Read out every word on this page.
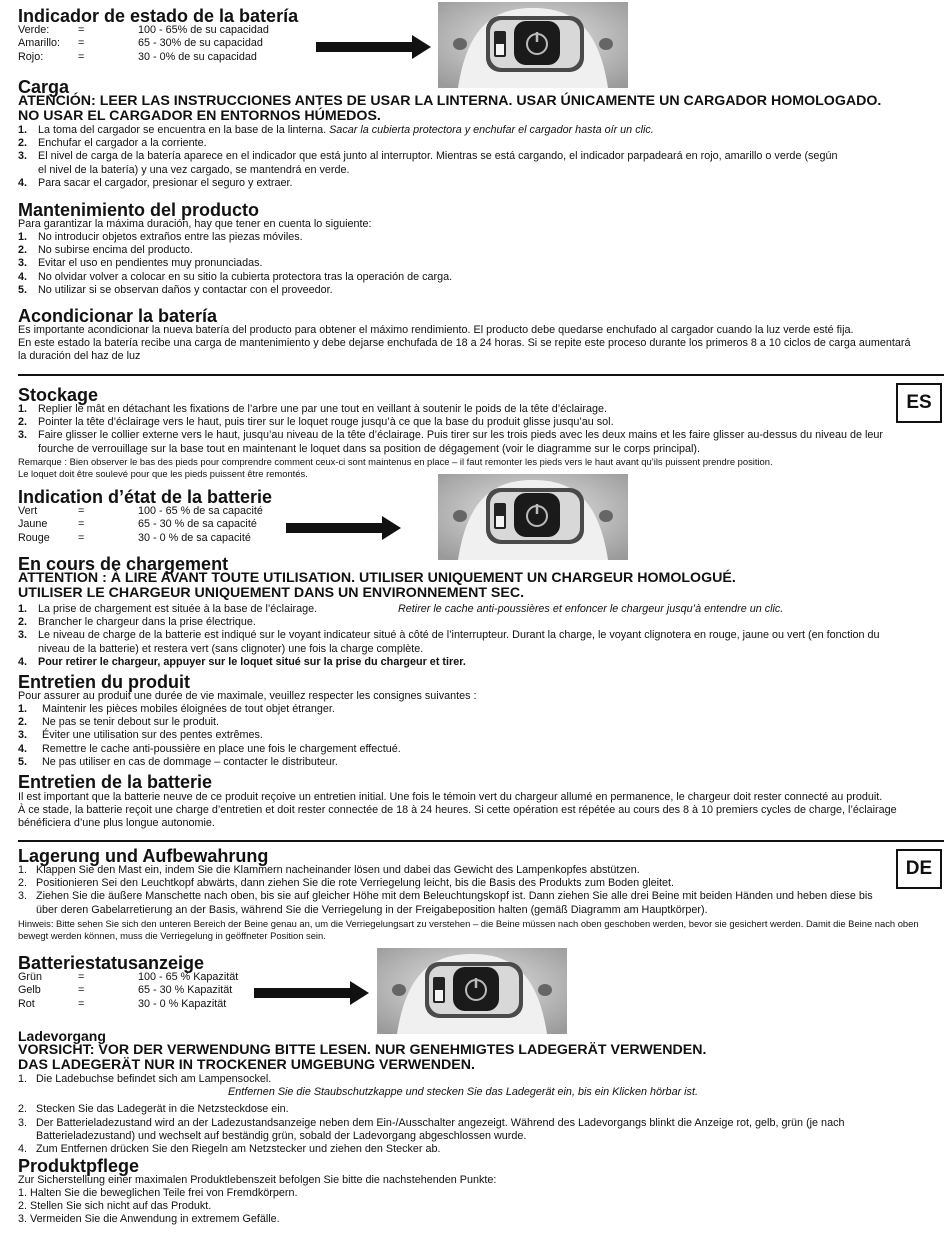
Indicador de estado de la batería
Verde:	=	100 - 65% de su capacidad
Amarillo: =	65 - 30% de su capacidad
Rojo:	=	30 - 0% de su capacidad
Carga
ATENCIÓN: LEER LAS INSTRUCCIONES ANTES DE USAR LA LINTERNA. USAR ÚNICAMENTE UN CARGADOR HOMOLOGADO.
NO USAR EL CARGADOR EN ENTORNOS HÚMEDOS.
1.	La toma del cargador se encuentra en la base de la linterna. Sacar la cubierta protectora y enchufar el cargador hasta oír un clic.
2.	Enchufar el cargador a la corriente.
3.	El nivel de carga de la batería aparece en el indicador que está junto al interruptor. Mientras se está cargando, el indicador parpadeará en rojo, amarillo o verde (según el nivel de la batería) y una vez cargado, se mantendrá en verde.
4.	Para sacar el cargador, presionar el seguro y extraer.
Mantenimiento del producto
Para garantizar la máxima duración, hay que tener en cuenta lo siguiente:
1.	No introducir objetos extraños entre las piezas móviles.
2.	No subirse encima del producto.
3.	Evitar el uso en pendientes muy pronunciadas.
4.	No olvidar volver a colocar en su sitio la cubierta protectora tras la operación de carga.
5.	No utilizar si se observan daños y contactar con el proveedor.
Acondicionar la batería
Es importante acondicionar la nueva batería del producto para obtener el máximo rendimiento. El producto debe quedarse enchufado al cargador cuando la luz verde esté fija.
En este estado la batería recibe una carga de mantenimiento y debe dejarse enchufada de 18 a 24 horas. Si se repite este proceso durante los primeros 8 a 10 ciclos de carga aumentará la duración del haz de luz
ES
Stockage
1.	Replier le mât en détachant les fixations de l’arbre une par une tout en veillant à soutenir le poids de la tête d’éclairage.
2.	Pointer la tête d’éclairage vers le haut, puis tirer sur le loquet rouge jusqu’à ce que la base du produit glisse jusqu’au sol.
3.	Faire glisser le collier externe vers le haut, jusqu’au niveau de la tête d’éclairage. Puis tirer sur les trois pieds avec les deux mains et les faire glisser au-dessus du niveau de leur fourche de verrouillage sur la base tout en maintenant le loquet dans sa position de dégagement (voir le diagramme sur le corps principal).
Remarque : Bien observer le bas des pieds pour comprendre comment ceux-ci sont maintenus en place – il faut remonter les pieds vers le haut avant qu’ils puissent prendre position. Le loquet doit être soulevé pour que les pieds puissent être remontés.
Indication d’état de la batterie
Vert	=	100 - 65 % de sa capacité
Jaune	=	65 - 30 % de sa capacité
Rouge	=	30 - 0 % de sa capacité
En cours de chargement
ATTENTION : À LIRE AVANT TOUTE UTILISATION. UTILISER UNIQUEMENT UN CHARGEUR HOMOLOGUÉ.
UTILISER LE CHARGEUR UNIQUEMENT DANS UN ENVIRONNEMENT SEC.
1.	La prise de chargement est située à la base de l’éclairage.	Retirer le cache anti-poussières et enfoncer le chargeur jusqu’à entendre un clic.
2.	Brancher le chargeur dans la prise électrique.
3.	Le niveau de charge de la batterie est indiqué sur le voyant indicateur situé à côté de l’interrupteur. Durant la charge, le voyant clignotera en rouge, jaune ou vert (en fonction du niveau de la batterie) et restera vert (sans clignoter) une fois la charge complète.
4.	Pour retirer le chargeur, appuyer sur le loquet situé sur la prise du chargeur et tirer.
Entretien du produit
Pour assurer au produit une durée de vie maximale, veuillez respecter les consignes suivantes :
1.	Maintenir les pièces mobiles éloignées de tout objet étranger.
2.	Ne pas se tenir debout sur le produit.
3.	Éviter une utilisation sur des pentes extrêmes.
4.	Remettre le cache anti-poussière en place une fois le chargement effectué.
5.	Ne pas utiliser en cas de dommage – contacter le distributeur.
Entretien de la batterie
Il est important que la batterie neuve de ce produit reçoive un entretien initial. Une fois le témoin vert du chargeur allumé en permanence, le chargeur doit rester connecté au produit.
À ce stade, la batterie reçoit une charge d’entretien et doit rester connectée de 18 à 24 heures. Si cette opération est répétée au cours des 8 à 10 premiers cycles de charge, l’éclairage bénéficiera d’une plus longue autonomie.
DE
Lagerung und Aufbewahrung
1. Klappen Sie den Mast ein, indem Sie die Klammern nacheinander lösen und dabei das Gewicht des Lampenkopfes abstützen.
2. Positionieren Sei den Leuchtkopf abwärts, dann ziehen Sie die rote Verriegelung leicht, bis die Basis des Produkts zum Boden gleitet.
3. Ziehen Sie die äußere Manschette nach oben, bis sie auf gleicher Höhe mit dem Beleuchtungskopf ist. Dann ziehen Sie alle drei Beine mit beiden Händen und heben diese bis über deren Gabelarretierung an der Basis, während Sie die Verriegelung in der Freigabeposition halten (gemäß Diagramm am Hauptkörper).
Hinweis: Bitte sehen Sie sich den unteren Bereich der Beine genau an, um die Verriegelungsart zu verstehen – die Beine müssen nach oben geschoben werden, bevor sie gesichert werden. Damit die Beine nach oben bewegt werden können, muss die Verriegelung in geöffneter Position sein.
Batteriestatusanzeige
Grün	=	100 - 65 % Kapazität
Gelb	=	65 - 30 % Kapazität
Rot	=	30 - 0 % Kapazität
Ladevorgang
VORSICHT: VOR DER VERWENDUNG BITTE LESEN. NUR GENEHMIGTES LADEGERÄT VERWENDEN.
DAS LADEGERÄT NUR IN TROCKENER UMGEBUNG VERWENDEN.
1. Die Ladebuchse befindet sich am Lampensockel.
Entfernen Sie die Staubschutzkappe und stecken Sie das Ladegerät ein, bis ein Klicken hörbar ist.
2. Stecken Sie das Ladegerät in die Netzsteckdose ein.
3. Der Batterieladezustand wird an der Ladezustandsanzeige neben dem Ein-/Ausschalter angezeigt. Während des Ladevorgangs blinkt die Anzeige rot, gelb, grün (je nach Batterieladezustand) und wechselt auf beständig grün, sobald der Ladevorgang abgeschlossen wurde.
4. Zum Entfernen drücken Sie den Riegeln am Netzstecker und ziehen den Stecker ab.
Produktpflege
Zur Sicherstellung einer maximalen Produktlebenszeit befolgen Sie bitte die nachstehenden Punkte:
1. Halten Sie die beweglichen Teile frei von Fremdkörpern.
2. Stellen Sie sich nicht auf das Produkt.
3. Vermeiden Sie die Anwendung in extremem Gefälle.
